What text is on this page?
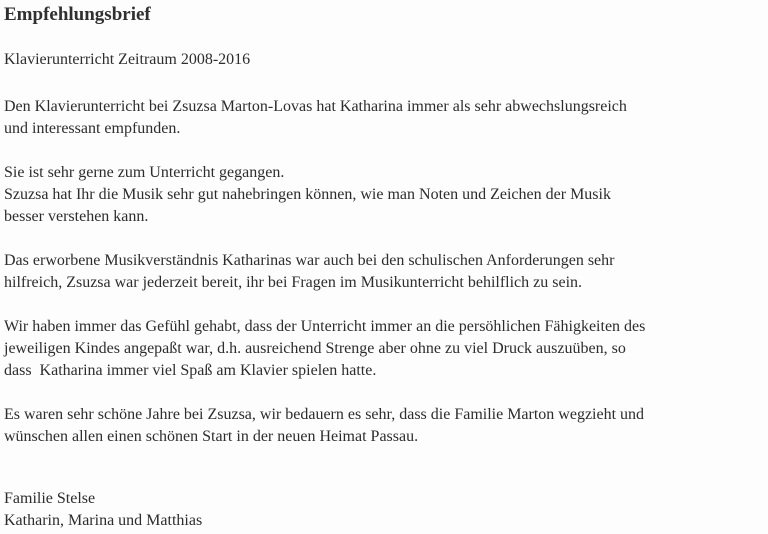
Empfehlungsbrief
Klavierunterricht Zeitraum 2008-2016
Den Klavierunterricht bei Zsuzsa Marton-Lovas hat Katharina immer als sehr abwechslungsreich
und interessant empfunden.
Sie ist sehr gerne zum Unterricht gegangen.
Szuzsa hat Ihr die Musik sehr gut nahebringen können, wie man Noten und Zeichen der Musik
besser verstehen kann.
Das erworbene Musikverständnis Katharinas war auch bei den schulischen Anforderungen sehr
hilfreich, Zsuzsa war jederzeit bereit, ihr bei Fragen im Musikunterricht behilflich zu sein.
Wir haben immer das Gefühl gehabt, dass der Unterricht immer an die persöhlichen Fähigkeiten des
jeweiligen Kindes angepaßt war, d.h. ausreichend Strenge aber ohne zu viel Druck auszuüben, so
dass  Katharina immer viel Spaß am Klavier spielen hatte.
Es waren sehr schöne Jahre bei Zsuzsa, wir bedauern es sehr, dass die Familie Marton wegzieht und
wünschen allen einen schönen Start in der neuen Heimat Passau.
Familie Stelse
Katharin, Marina und Matthias
